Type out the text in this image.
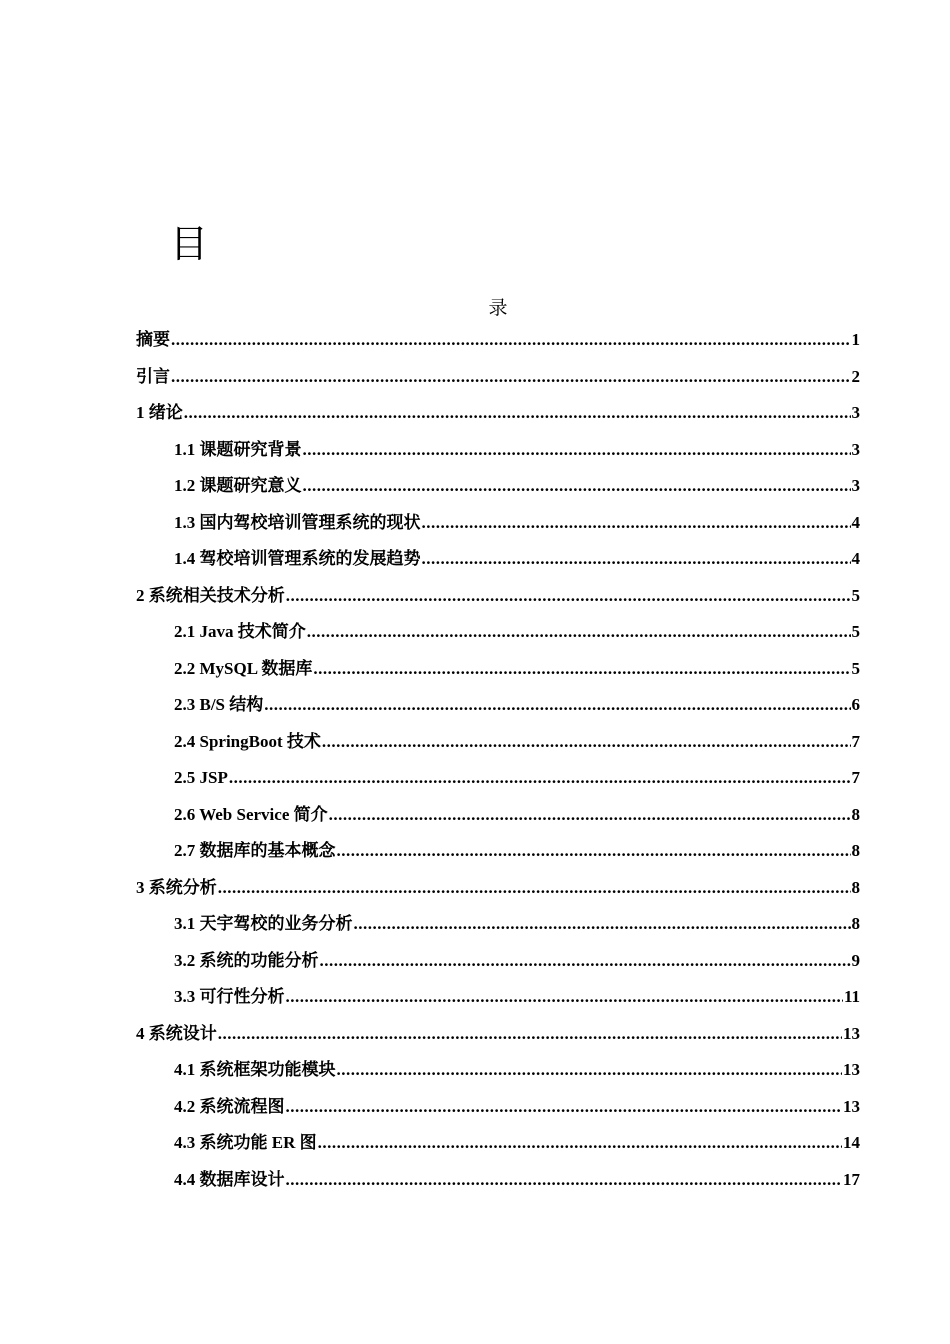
目
录
摘要 .....	1
引言 .....	2
1 绪论 .....	3
1.1 课题研究背景 .....	3
1.2 课题研究意义 .....	3
1.3 国内驾校培训管理系统的现状 .....	4
1.4 驾校培训管理系统的发展趋势 .....	4
2 系统相关技术分析 .....	5
2.1 Java 技术简介 .....	5
2.2 MySQL 数据库 .....	5
2.3 B/S 结构 .....	6
2.4 SpringBoot 技术 .....	7
2.5 JSP .....	7
2.6 Web Service 简介 .....	8
2.7 数据库的基本概念 .....	8
3 系统分析 .....	8
3.1 天宇驾校的业务分析 .....	8
3.2 系统的功能分析 .....	9
3.3 可行性分析 .....	11
4 系统设计 .....	13
4.1 系统框架功能模块 .....	13
4.2 系统流程图 .....	13
4.3 系统功能 ER 图 .....	14
4.4 数据库设计 .....	17
